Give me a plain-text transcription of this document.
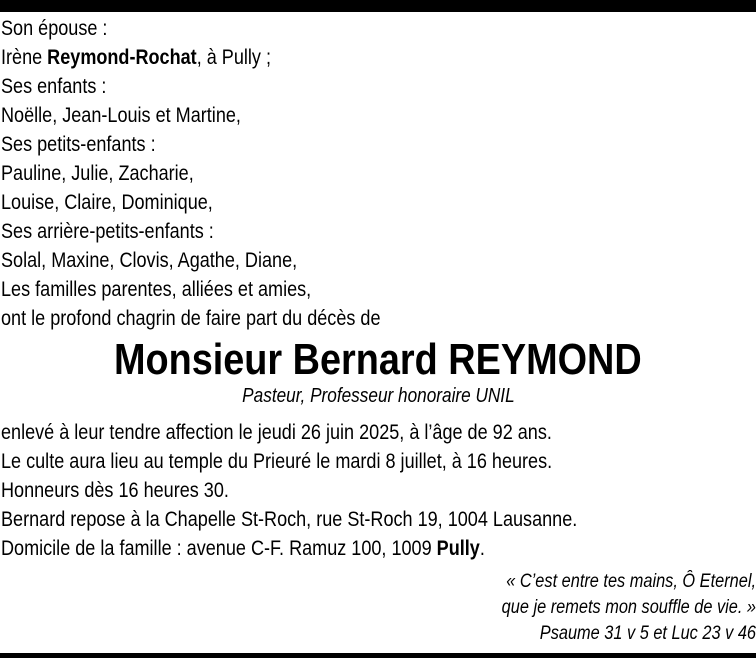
Son épouse :
Irène Reymond-Rochat, à Pully ;
Ses enfants :
Noëlle, Jean-Louis et Martine,
Ses petits-enfants :
Pauline, Julie, Zacharie,
Louise, Claire, Dominique,
Ses arrière-petits-enfants :
Solal, Maxine, Clovis, Agathe, Diane,
Les familles parentes, alliées et amies,
ont le profond chagrin de faire part du décès de
Monsieur Bernard REYMOND
Pasteur, Professeur honoraire UNIL
enlevé à leur tendre affection le jeudi 26 juin 2025, à l’âge de 92 ans.
Le culte aura lieu au temple du Prieuré le mardi 8 juillet, à 16 heures.
Honneurs dès 16 heures 30.
Bernard repose à la Chapelle St-Roch, rue St-Roch 19, 1004 Lausanne.
Domicile de la famille : avenue C-F. Ramuz 100, 1009 Pully.
« C’est entre tes mains, Ô Eternel,
que je remets mon souffle de vie. »
Psaume 31 v 5 et Luc 23 v 46
